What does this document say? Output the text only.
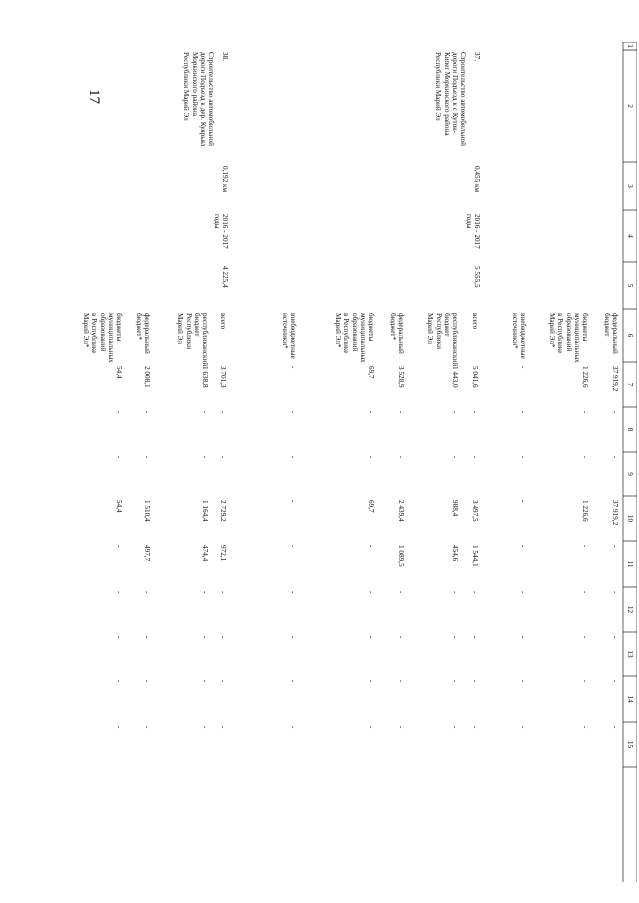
17
1
2
3
4
5
6
7
8
9
10
11
12
13
14
15
федеральный
бюджет
37 919,2
-
-
37 919,2
-
-
-
-
-
бюджеты
муниципальных
образований
в Республике
Марий Эл*
1 226,6
-
-
1 226,6
-
-
-
-
-
внебюджетные
источники*
-
-
-
-
-
-
-
-
-
37.
Строительство автомобильной
дороги Подъезд к с Куток-
Киner Моркинского района
Республики Марий Эл
0,455 км
2016 - 2017
годы
5 555,5
всего
5 041,6
-
-
3 497,5
1 544,1
-
-
-
-
республиканский
бюджет
Республики
Марий Эл
1 443,0
-
-
988,4
454,6
-
-
-
-
федеральный
бюджет*
3 528,9
-
-
2 439,4
1 089,5
-
-
-
-
бюджеты
муниципальных
образований
в Республике
Марий Эл*
69,7
-
-
69,7
-
-
-
-
-
внебюджетные
источники*
-
-
-
-
-
-
-
-
-
38.
Строительство автомобильной
дороги Подъезд к дер. Куярьял
Моркинского района
Республики Марий Эл
0,192 км
2016 - 2017
годы
4 225,4
всего
3 701,3
-
-
2 729,2
972,1
-
-
-
-
республиканский
бюджет
Республики
Марий Эл
1 638,8
-
-
1 164,4
474,4
-
-
-
-
федеральный
бюджет*
2 008,1
-
-
1 510,4
497,7
-
-
-
-
бюджеты
муниципальных
образований
в Республике
Марий Эл*
54,4
-
-
54,4
-
-
-
-
-
